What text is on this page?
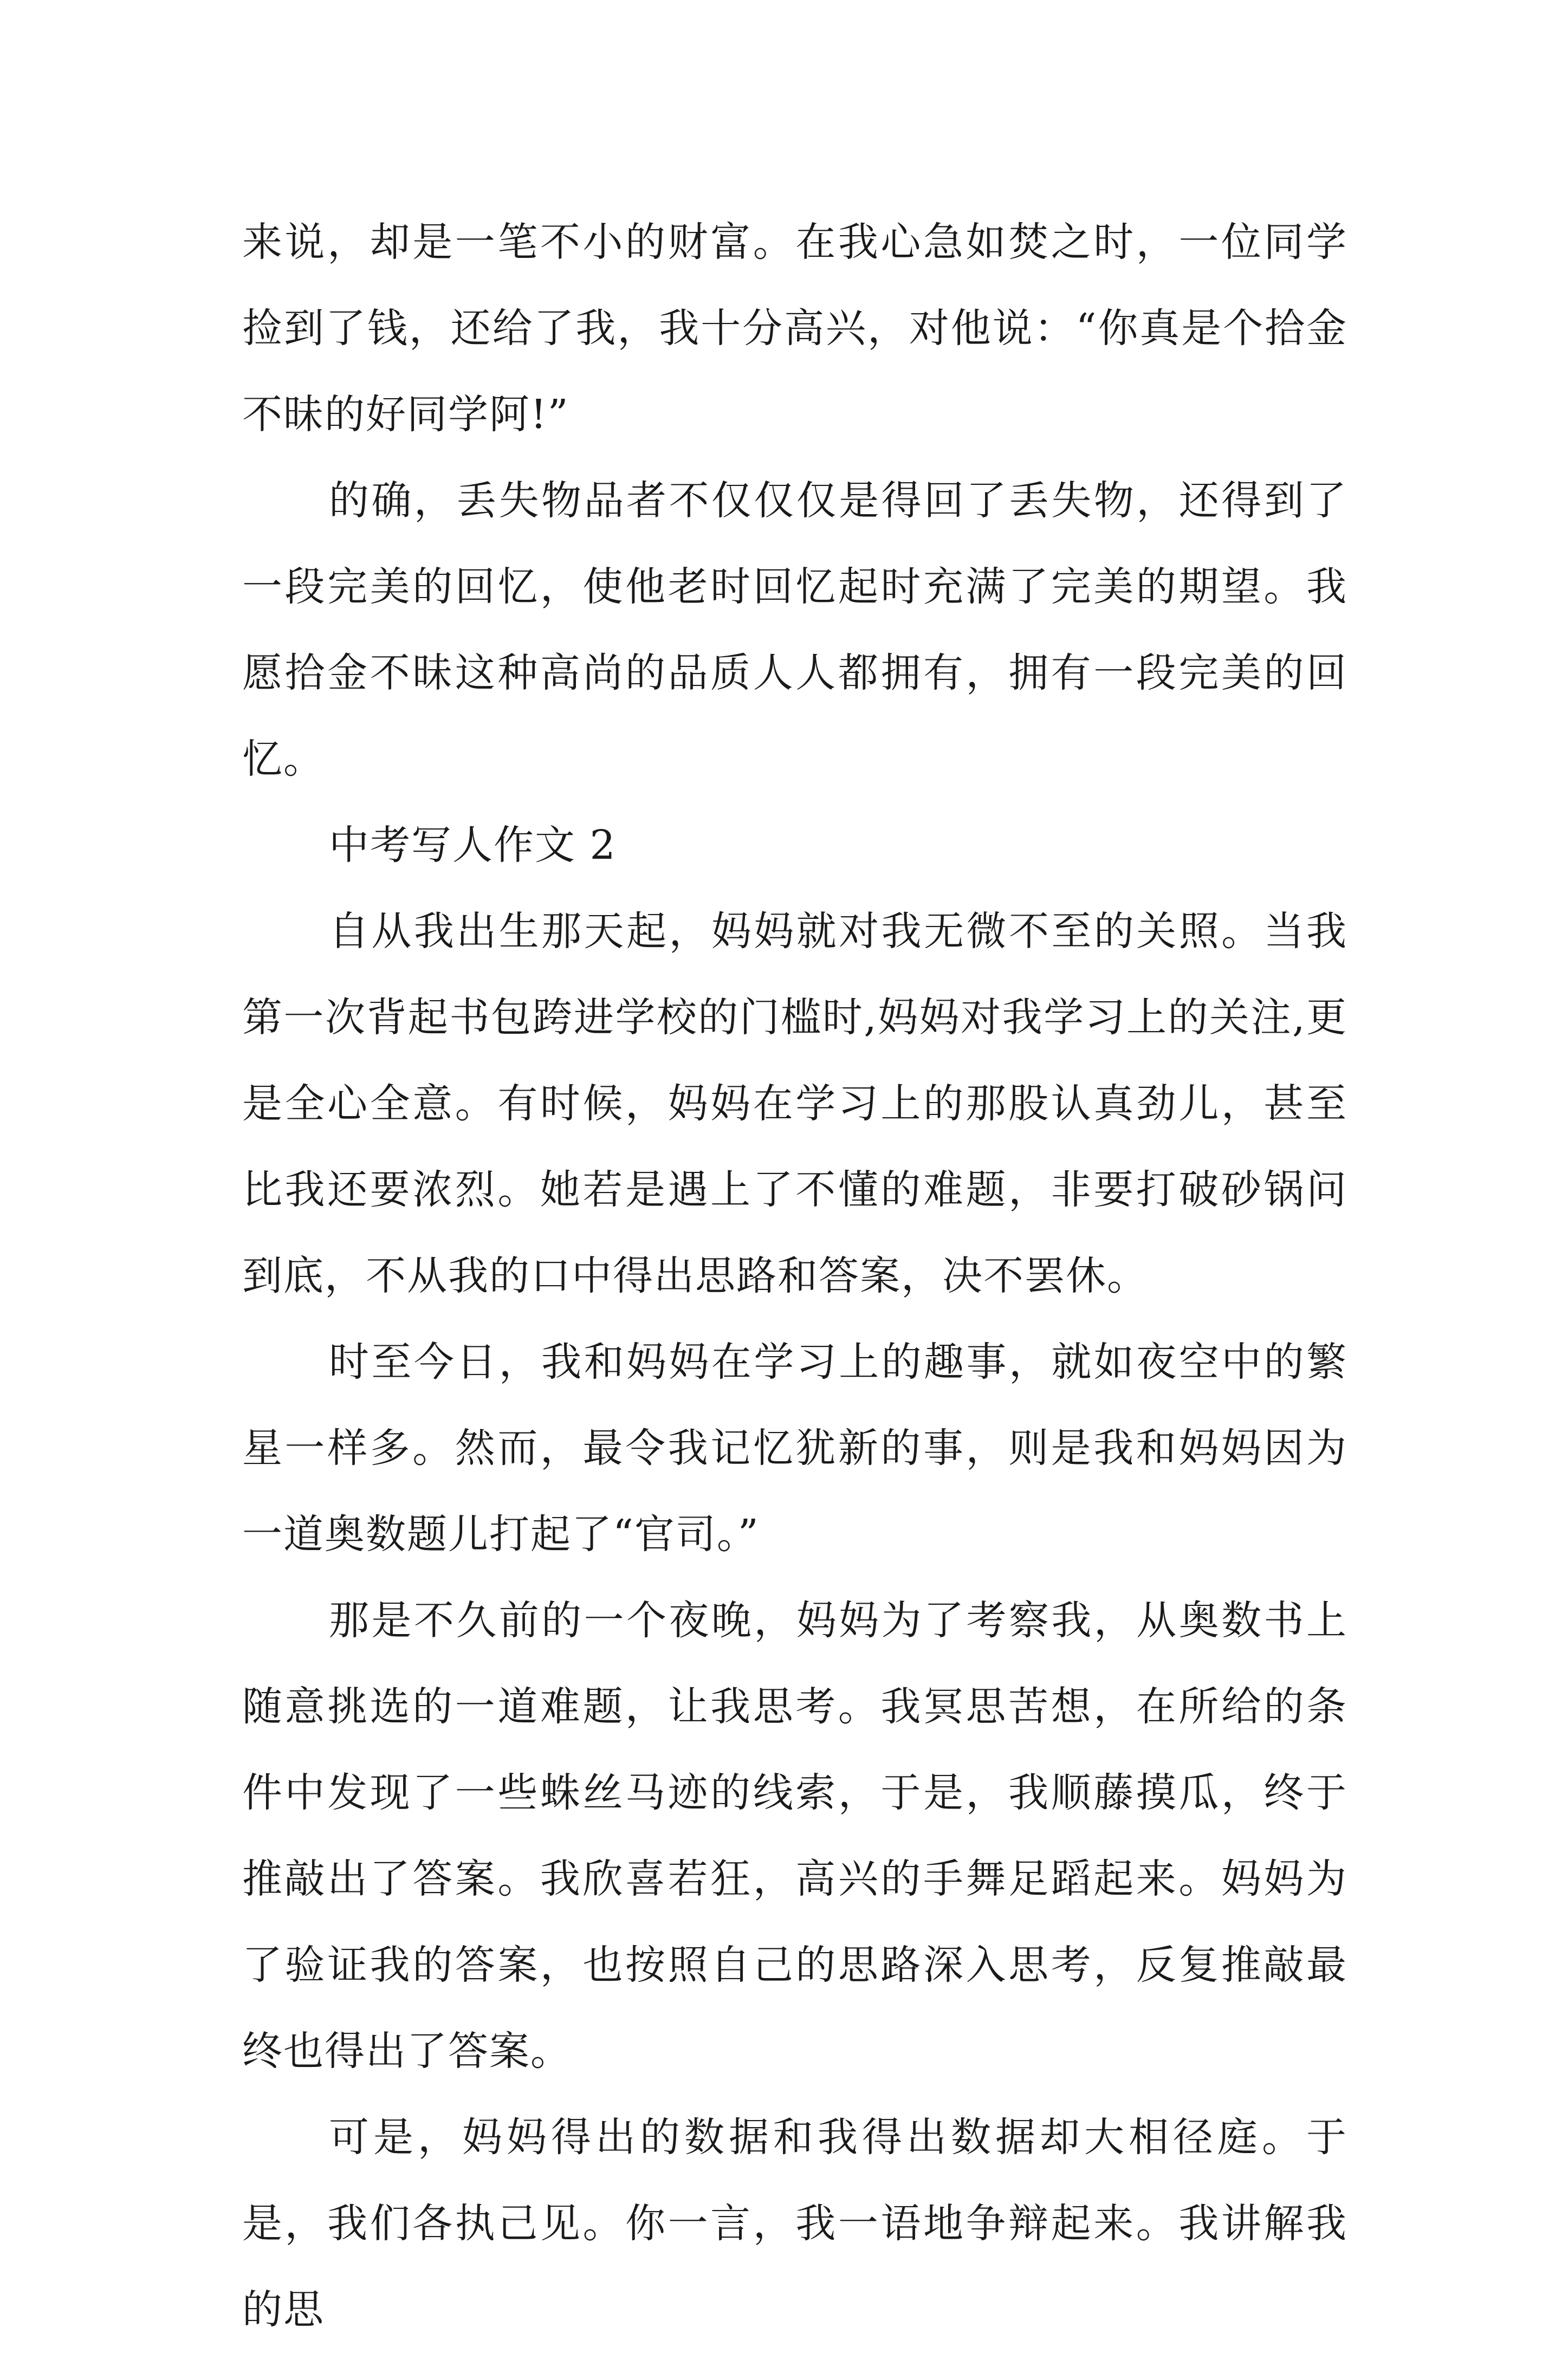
来说，却是一笔不小的财富。在我心急如焚之时，一位同学捡到了钱，还给了我，我十分高兴，对他说：“你真是个拾金不昧的好同学阿!”

的确，丢失物品者不仅仅仅是得回了丢失物，还得到了一段完美的回忆，使他老时回忆起时充满了完美的期望。我愿拾金不昧这种高尚的品质人人都拥有，拥有一段完美的回忆。

中考写人作文 2

自从我出生那天起，妈妈就对我无微不至的关照。当我第一次背起书包跨进学校的门槛时,妈妈对我学习上的关注,更是全心全意。有时候，妈妈在学习上的那股认真劲儿，甚至比我还要浓烈。她若是遇上了不懂的难题，非要打破砂锅问到底，不从我的口中得出思路和答案，决不罢休。

时至今日，我和妈妈在学习上的趣事，就如夜空中的繁星一样多。然而，最令我记忆犹新的事，则是我和妈妈因为一道奥数题儿打起了“官司。”

那是不久前的一个夜晚，妈妈为了考察我，从奥数书上随意挑选的一道难题，让我思考。我冥思苦想，在所给的条件中发现了一些蛛丝马迹的线索，于是，我顺藤摸瓜，终于推敲出了答案。我欣喜若狂，高兴的手舞足蹈起来。妈妈为了验证我的答案，也按照自己的思路深入思考，反复推敲最终也得出了答案。

可是，妈妈得出的数据和我得出数据却大相径庭。于是，我们各执己见。你一言，我一语地争辩起来。我讲解我的思
